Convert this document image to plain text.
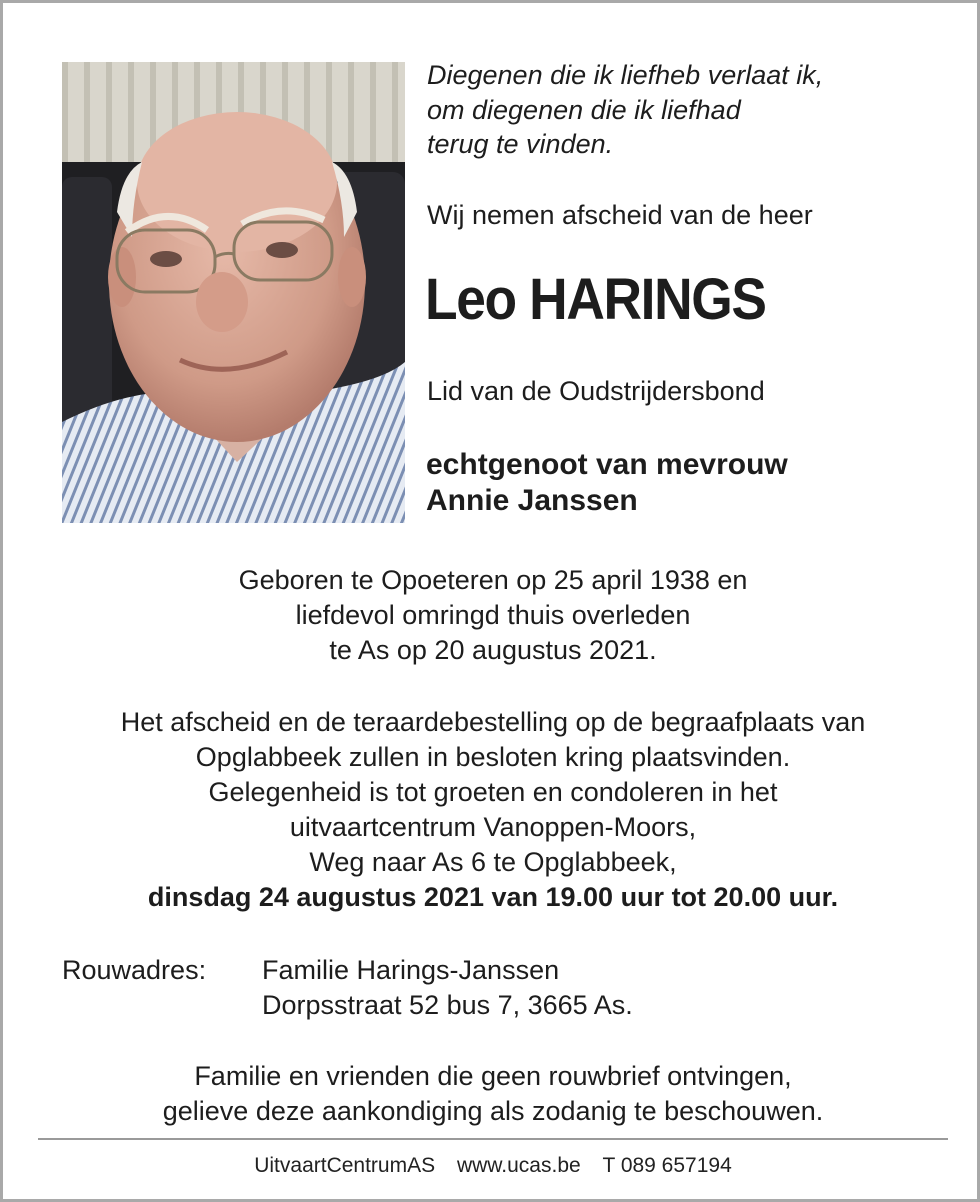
Diegenen die ik liefheb verlaat ik,
om diegenen die ik liefhad
terug te vinden.
Wij nemen afscheid van de heer
Leo HARINGS
Lid van de Oudstrijdersbond
echtgenoot van mevrouw
Annie Janssen
Geboren te Opoeteren op 25 april 1938 en
liefdevol omringd thuis overleden
te As op 20 augustus 2021.
Het afscheid en de teraardebestelling op de begraafplaats van
Opglabbeek zullen in besloten kring plaatsvinden.
Gelegenheid is tot groeten en condoleren in het
uitvaartcentrum Vanoppen-Moors,
Weg naar As 6 te Opglabbeek,
dinsdag 24 augustus 2021 van 19.00 uur tot 20.00 uur.
Rouwadres: Familie Harings-Janssen
Dorpsstraat 52 bus 7, 3665 As.
Familie en vrienden die geen rouwbrief ontvingen,
gelieve deze aankondiging als zodanig te beschouwen.
UitvaartCentrumAS www.ucas.be T 089 657194
